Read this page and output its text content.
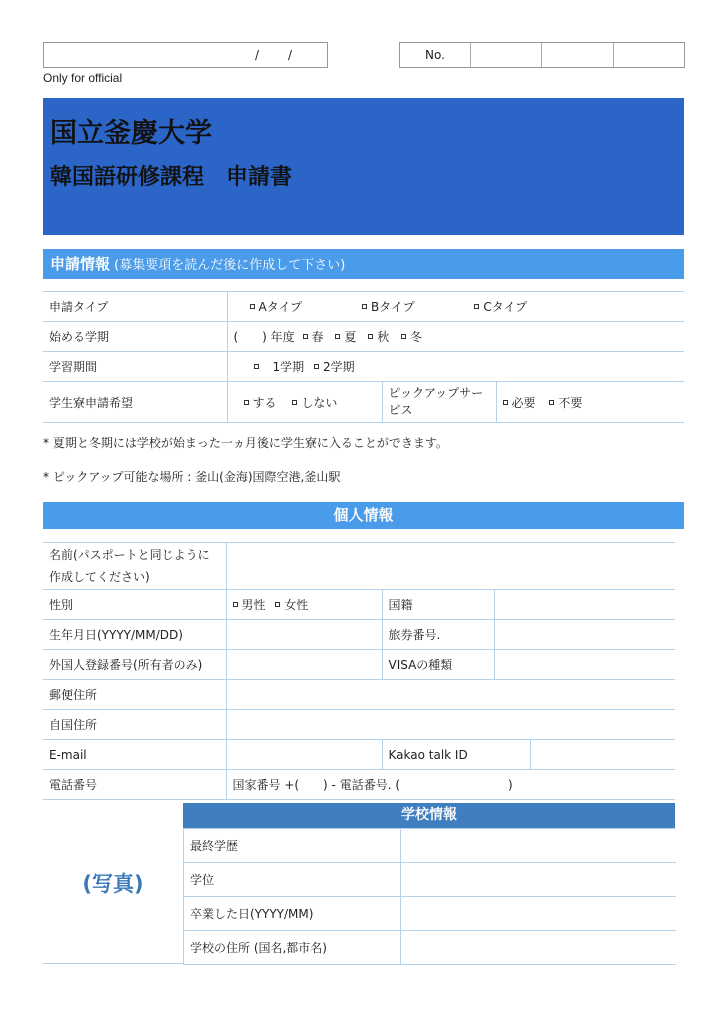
/ /	No.
Only for official
国立釜慶大学
韓国語研修課程　申請書
申請情報 (募集要項を読んだ後に作成して下さい)
申請タイプ	Aタイプ Bタイプ Cタイプ		
始める学期	(　　) 年度 春 夏 秋 冬		
学習期間	1学期 2学期		
学生寮申請希望	する しない	ピックアップサービス	必要 不要
* 夏期と冬期には学校が始まった一ヵ月後に学生寮に入ることができます。
* ピックアップ可能な場所 : 釜山(金海)国際空港,釜山駅
個人情報
名前(パスポートと同じように作成してください)				
性別	男性 女性	国籍		
生年月日(YYYY/MM/DD)		旅券番号.		
外国人登録番号(所有者のみ)		VISAの種類		
郵便住所				
自国住所				
E-mail		Kakao talk ID		
電話番号	国家番号 +(　　) - 電話番号. (　　　　　　　　　)			
(写真)
学校情報
最終学歴	
学位	
卒業した日(YYYY/MM)	
学校の住所 (国名,都市名)	
